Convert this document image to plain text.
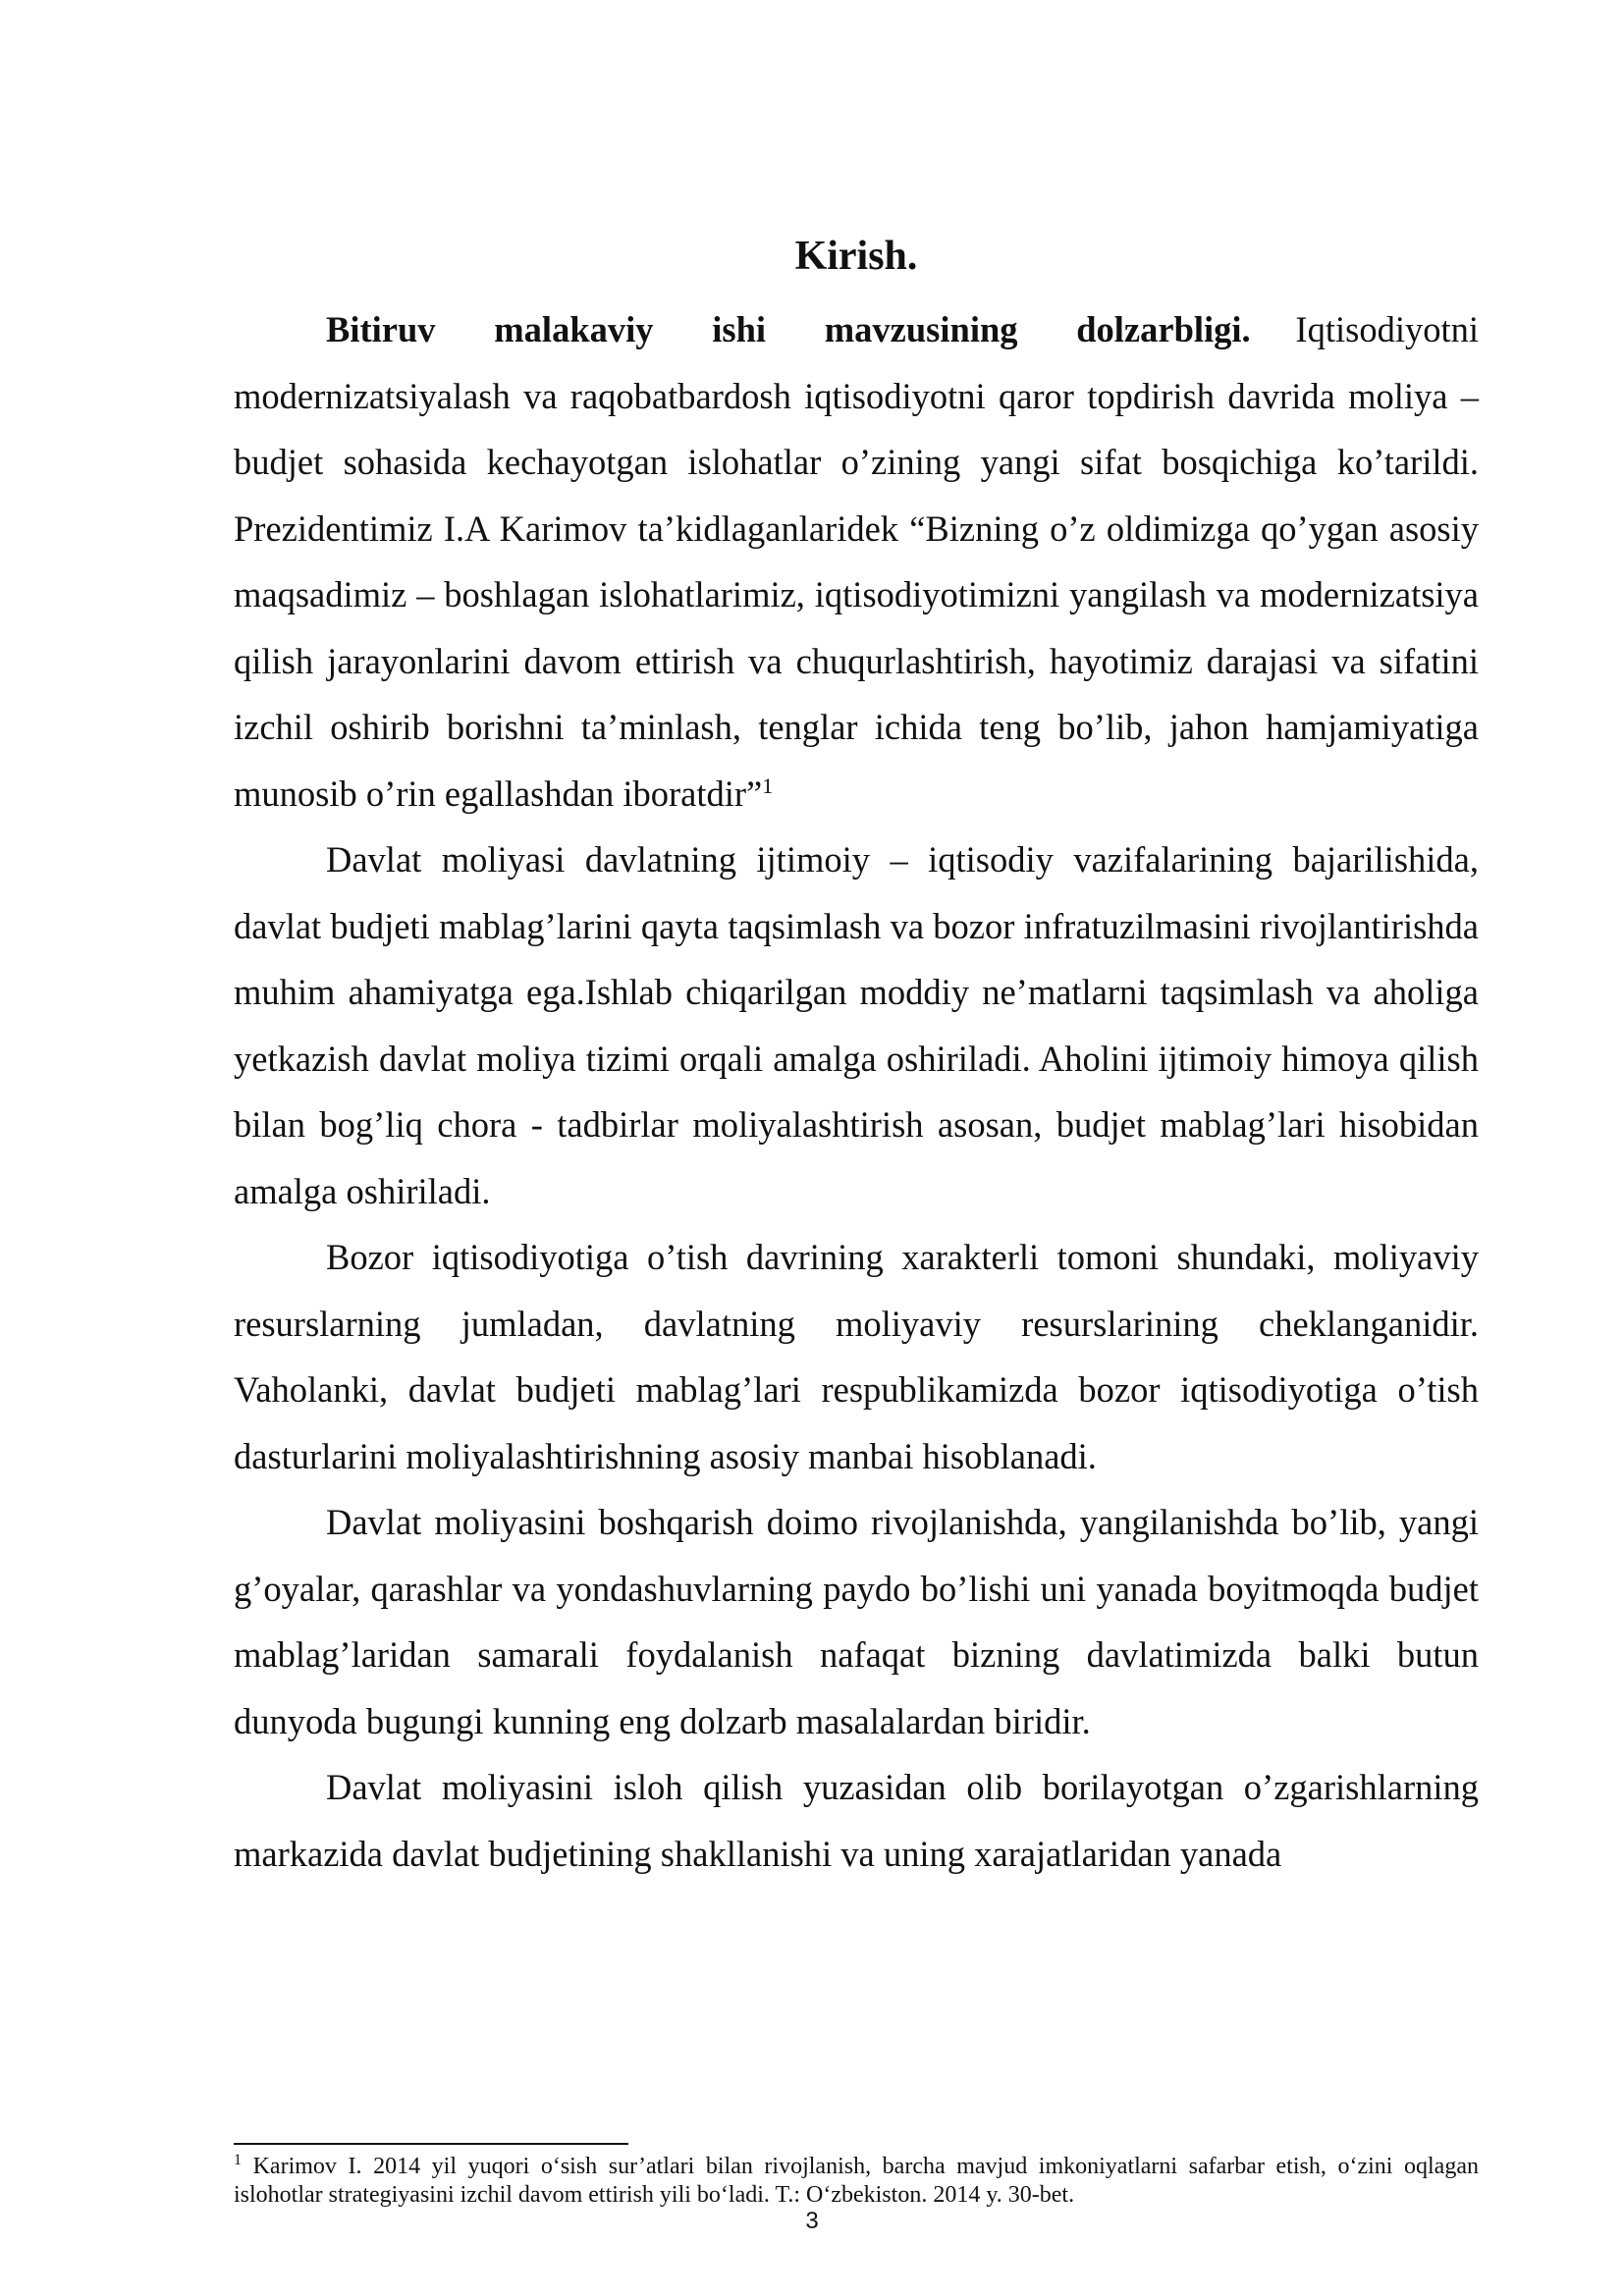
Kirish.

Bitiruv malakaviy ishi mavzusining dolzarbligi. Iqtisodiyotni modernizatsiyalash va raqobatbardosh iqtisodiyotni qaror topdirish davrida moliya – budjet sohasida kechayotgan islohatlar o’zining yangi sifat bosqichiga ko’tarildi. Prezidentimiz I.A Karimov ta’kidlaganlaridek “Bizning o’z oldimizga qo’ygan asosiy maqsadimiz – boshlagan islohatlarimiz, iqtisodiyotimizni yangilash va modernizatsiya qilish jarayonlarini davom ettirish va chuqurlashtirish, hayotimiz darajasi va sifatini izchil oshirib borishni ta’minlash, tenglar ichida teng bo’lib, jahon hamjamiyatiga munosib o’rin egallashdan iboratdir”$^1$

Davlat moliyasi davlatning ijtimoiy – iqtisodiy vazifalarining bajarilishida, davlat budjeti mablag’larini qayta taqsimlash va bozor infratuzilmasini rivojlantirishda muhim ahamiyatga ega.Ishlab chiqarilgan moddiy ne’matlarni taqsimlash va aholiga yetkazish davlat moliya tizimi orqali amalga oshiriladi. Aholini ijtimoiy himoya qilish bilan bog’liq chora - tadbirlar moliyalashtirish asosan, budjet mablag’lari hisobidan amalga oshiriladi.

Bozor iqtisodiyotiga o’tish davrining xarakterli tomoni shundaki, moliyaviy resurslarning jumladan, davlatning moliyaviy resurslarining cheklanganidir. Vaholanki, davlat budjeti mablag’lari respublikamizda bozor iqtisodiyotiga o’tish dasturlarini moliyalashtirishning asosiy manbai hisoblanadi.

Davlat moliyasini boshqarish doimo rivojlanishda, yangilanishda bo’lib, yangi g’oyalar, qarashlar va yondashuvlarning paydo bo’lishi uni yanada boyitmoqda budjet mablag’laridan samarali foydalanish nafaqat bizning davlatimizda balki butun dunyoda bugungi kunning eng dolzarb masalalardan biridir.

Davlat moliyasini isloh qilish yuzasidan olib borilayotgan o’zgarishlarning markazida davlat budjetining shakllanishi va uning xarajatlaridan yanada

$^1$ Karimov I. 2014 yil yuqori o‘sish sur’atlari bilan rivojlanish, barcha mavjud imkoniyatlarni safarbar etish, o‘zini oqlagan islohotlar strategiyasini izchil davom ettirish yili bo‘ladi. T.: O‘zbekiston. 2014 y. 30-bet.
3
